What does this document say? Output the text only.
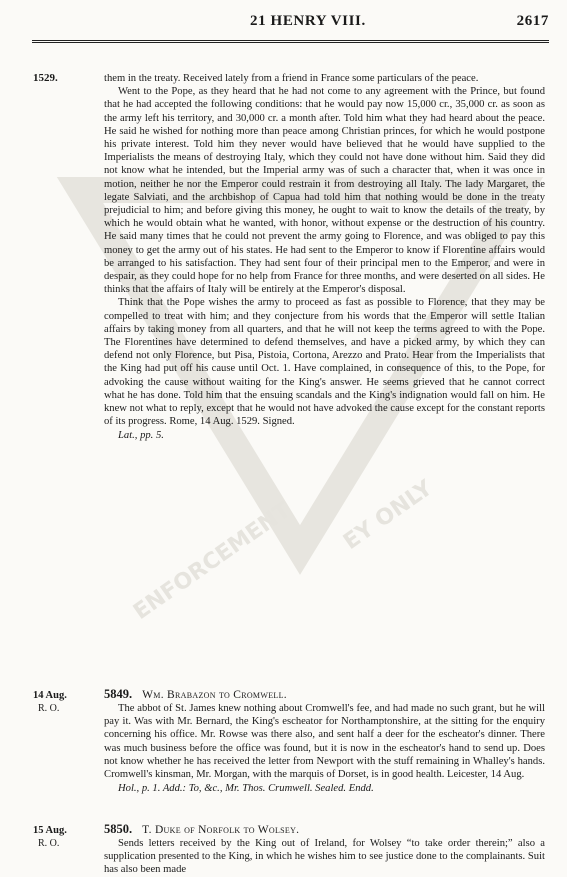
ENFORCEMENT EY ONLY
21 HENRY VIII.	2617
1529.	them in the treaty. Received lately from a friend in France some particulars of the peace.

Went to the Pope, as they heard that he had not come to any agreement with the Prince, but found that he had accepted the following conditions: that he would pay now 15,000 cr., 35,000 cr. as soon as the army left his territory, and 30,000 cr. a month after. Told him what they had heard about the peace. He said he wished for nothing more than peace among Christian princes, for which he would postpone his private interest. Told him they never would have believed that he would have supplied to the Imperialists the means of destroying Italy, which they could not have done without him. Said they did not know what he intended, but the Imperial army was of such a character that, when it was once in motion, neither he nor the Emperor could restrain it from destroying all Italy. The lady Margaret, the legate Salviati, and the archbishop of Capua had told him that nothing would be done in the treaty prejudicial to him; and before giving this money, he ought to wait to know the details of the treaty, by which he would obtain what he wanted, with honor, without expense or the destruction of his country. He said many times that he could not prevent the army going to Florence, and was obliged to pay this money to get the army out of his states. He had sent to the Emperor to know if Florentine affairs would be arranged to his satisfaction. They had sent four of their principal men to the Emperor, and were in despair, as they could hope for no help from France for three months, and were deserted on all sides. He thinks that the affairs of Italy will be entirely at the Emperor's disposal.

Think that the Pope wishes the army to proceed as fast as possible to Florence, that they may be compelled to treat with him; and they conjecture from his words that the Emperor will settle Italian affairs by taking money from all quarters, and that he will not keep the terms agreed to with the Pope. The Florentines have determined to defend themselves, and have a picked army, by which they can defend not only Florence, but Pisa, Pistoia, Cortona, Arezzo and Prato. Hear from the Imperialists that the King had put off his cause until Oct. 1. Have complained, in consequence of this, to the Pope, for advoking the cause without waiting for the King's answer. He seems grieved that he cannot correct what he has done. Told him that the ensuing scandals and the King's indignation would fall on him. He knew not what to reply, except that he would not have advoked the cause except for the constant reports of its progress. Rome, 14 Aug. 1529. Signed.

Lat., pp. 5.

14 Aug.
R. O.

5849. Wm. Brabazon to Cromwell.

The abbot of St. James knew nothing about Cromwell's fee, and had made no such grant, but he will pay it. Was with Mr. Bernard, the King's escheator for Northamptonshire, at the sitting for the enquiry concerning his office. Mr. Rowse was there also, and sent half a deer for the escheator's dinner. There was much business before the office was found, but it is now in the escheator's hand to send up. Does not know whether he has received the letter from Newport with the stuff remaining in Whalley's hands. Cromwell's kinsman, Mr. Morgan, with the marquis of Dorset, is in good health. Leicester, 14 Aug.

Hol., p. 1. Add.: To, &c., Mr. Thos. Crumwell. Sealed. Endd.

15 Aug.
R. O.

5850. T. Duke of Norfolk to Wolsey.

Sends letters received by the King out of Ireland, for Wolsey “to take order therein;” also a supplication presented to the King, in which he wishes him to see justice done to the complainants. Suit has also been made
